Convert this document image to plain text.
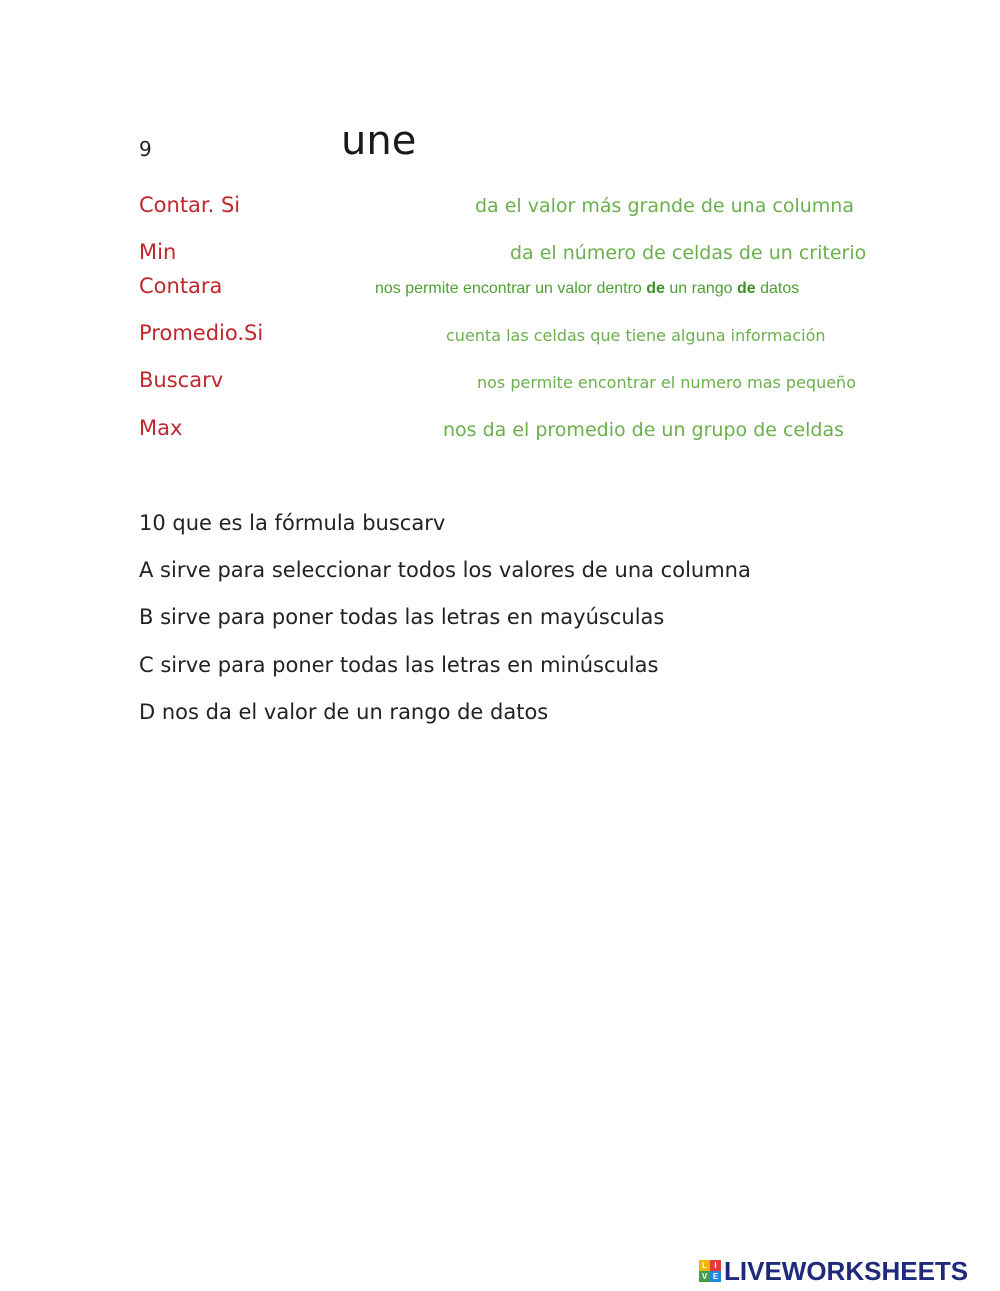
9	une
Contar. Si
Min
Contara
Promedio.Si
Buscarv
Max
da el valor más grande de una columna
da el número de celdas de un criterio
nos permite encontrar un valor dentro de un rango de datos
cuenta las celdas que tiene alguna información
nos permite encontrar el numero mas pequeño
nos da el promedio de un grupo de celdas
10 que es la fórmula buscarv
A sirve para seleccionar todos los valores de una columna
B sirve para poner todas las letras en mayúsculas
C sirve para poner todas las letras en minúsculas
D nos da el valor de un rango de datos
L I
V E LIVEWORKSHEETS
